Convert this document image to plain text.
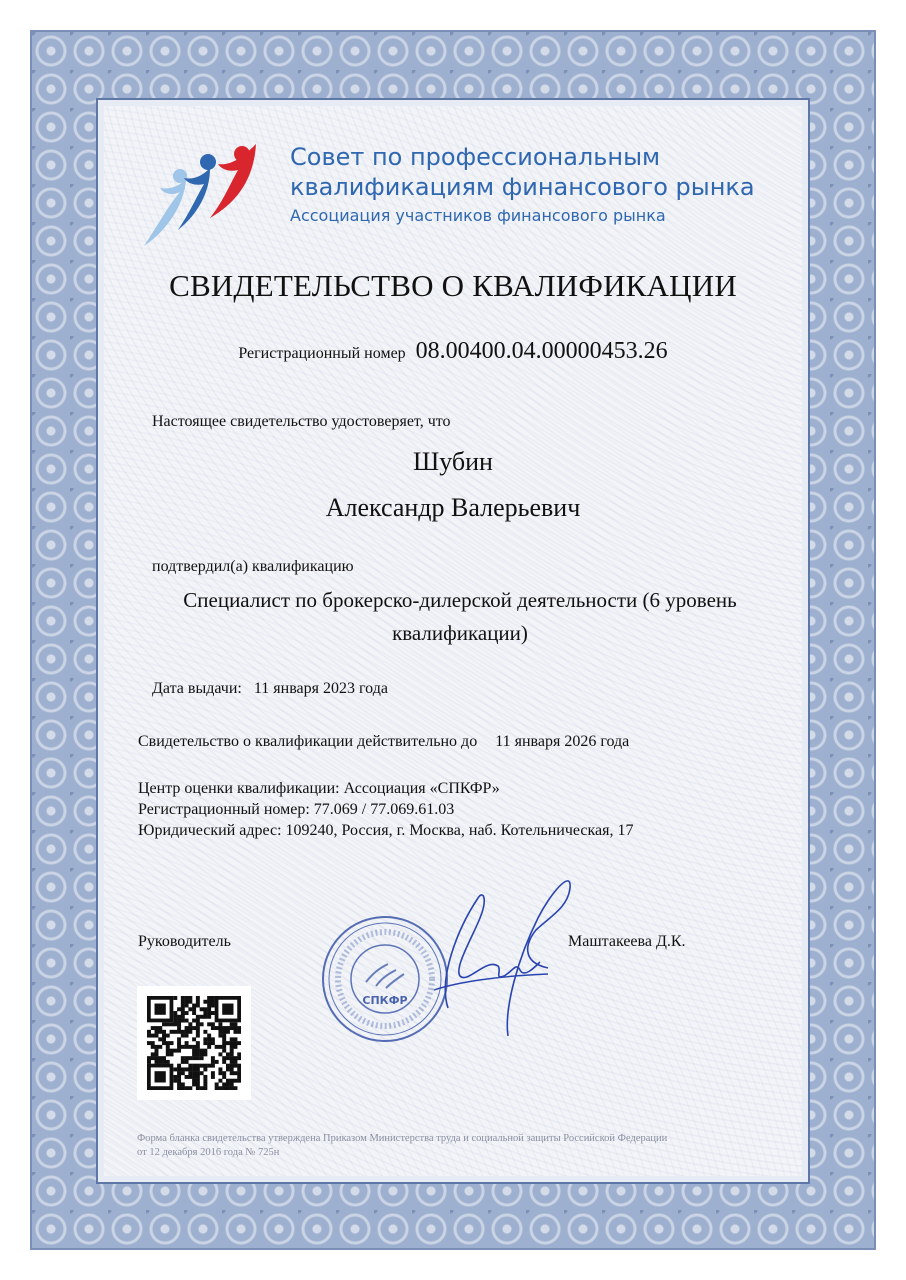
Совет по профессиональным
квалификациям финансового рынка
Ассоциация участников финансового рынка
СВИДЕТЕЛЬСТВО О КВАЛИФИКАЦИИ
Регистрационный номер 08.00400.04.00000453.26
Настоящее свидетельство удостоверяет, что
Шубин
Александр Валерьевич
подтвердил(а) квалификацию
Специалист по брокерско-дилерской деятельности (6 уровень квалификации)
Дата выдачи: 11 января 2023 года
Свидетельство о квалификации действительно до 11 января 2026 года
Центр оценки квалификации: Ассоциация «СПКФР»
Регистрационный номер: 77.069 / 77.069.61.03
Юридический адрес: 109240, Россия, г. Москва, наб. Котельническая, 17
СПКФР
Руководитель	Маштакеева Д.К.
Форма бланка свидетельства утверждена Приказом Министерства труда и социальной защиты Российской Федерации
от 12 декабря 2016 года № 725н
